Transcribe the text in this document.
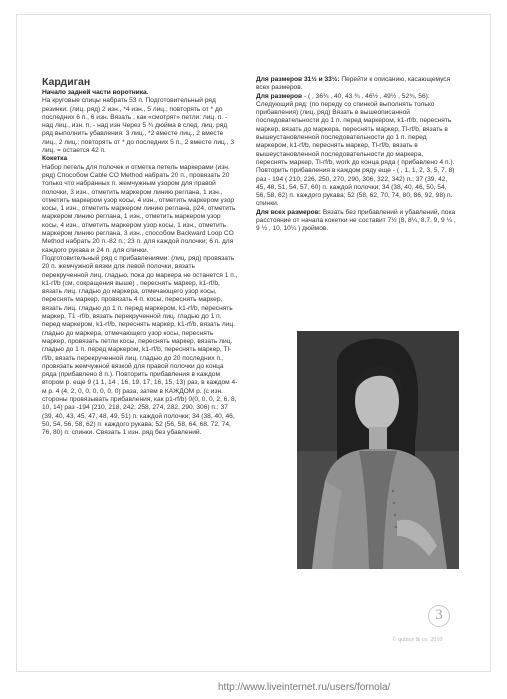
Кардиган

Начало задней части воротника.

На круговые спицы набрать 53 п. Подготовительный ряд резинки: (лиц. ряд) 2 изн., *4 изн., 5 лиц.; повторять от * до последних 6 п., 6 изн. Вязать , как «смотрят» петли: лиц. п. - над лиц., изн. п. - над изн Через 5 ¾ дюйма в след. лиц. ряд ряд выполнить убавления: 3 лиц., *2 вместе лиц., 2 вместе лиц., 2 лиц.; повторять от * до последних 5 п., 2 вместе лиц., 3 лиц. = остается 42 п.

Кокетка

Набор петель для полочек и отметка петель маркерами (изн. ряд) Способом Cable CO Method набрать 20 п., провязать 20 только что набранных п. жемчужным узором для правой полочки, 3 изн., отметить маркером линию реглана, 1 изн., отметить маркером узор косы, 4 изн., отметить маркером узор косы, 1 изн., отметить маркером линию реглана, р24, отметить маркером линию реглана, 1 изн., отметить маркером узор косы, 4 изн., отметить маркером узор косы, 1 изн., отметить маркером линию реглана, 3 изн., способом Backward Loop CO Method набрать 20 п.-82 п.; 23 п. для каждой полочки; 6 п. для каждого рукава и 24 п. для спинки.

Подготовительный ряд с прибавлениями: (лиц. ряд) провязать 20 п. жемчужной вязки для левой полочки, вязать перекрученной лиц. гладью, пока до маркера не останется 1 п., k1-rf/b (см. сокращения выше) , переснять маркер, k1-rf/b, вязать лиц. гладью до маркера, отмечающего узор косы, переснять маркер, провязать 4 п. косы, переснять маркер, вязать лиц. гладью до 1 п. перед маркером, k1-rf/b, переснять маркер, T1 -rf/b, вязать перекрученной лиц. гладью до 1 п. перед маркером, k1-rf/b, переснять маркер, k1-rf/b, вязать лиц. гладью до маркера, отмечающего узор косы, переснять маркер, провязать петли косы, переснять маркер, вязать лиц. гладью до 1 п. перед маркером, k1-rf/b, переснять маркер, Tl-rf/b, вязать перекрученной лиц. гладью до 20 последних п., провязать жемчужной вязкой для правой полочки до конца ряда (прибавлено 8 п.). Повторить прибавления в каждом втором р. еще 9 (1 1, 14 , 16, 19, 17, 16, 15, 13) раз, в каждом 4-м р. 4 (4, 2, 0, 0, 0, 0, 0, 0) раза, затем в КАЖДОМ р. (с изн. стороны провязывать прибавления, как p1-rf/b) 0(0, 0, 0, 2, 6, 8, 10, 14) раз -194 (210, 218, 242, 258, 274, 282, 290, 306) п.; 37 (39, 40, 43, 45, 47, 48, 49, 51) п. каждой полочки; 34 (38, 40, 46, 50, 54, 56, 58, 62) п. каждого рукава; 52 (56, 58, 64, 68, 72, 74, 76, 80) п. спинки. Связать 1 изн. ряд без убавлений.

Для размеров 31½ и 33½: Перейти к описанию, касающемуся всех размеров.

Для размеров - ( , 36¾ , 40, 43 ¾ , 46½ , 49½ , 52¾, 56): Следующий ряд: (по переду со спинкой выполнять только прибавления) (лиц. ряд) Вязать в вышеописанной последовательности до 1 п. перед маркером, k1-rf/b, переснять маркер, вязать до маркера, переснять маркер, Tl-rf/b, вязать в вышеустановленной последовательности до 1 п. перед маркером, k1-rf/b, переснять маркер, Tl-rf/b, вязать в вышеустановленной последовательности до маркера, переснять маркер, Tl-rf/b, work до конца ряда ( прибавлено 4 п.). Повторить прибавления в каждом ряду еще - ( , 1, 1, 2, 3, 5, 7, 8) раз - 194 ( 210, 226, 250, 270, 290, 306, 322, 342) п.; 37 (39, 42, 45, 48, 51, 54, 57, 60) п. каждой полочки; 34 (38, 40, 46, 50, 54, 56, 58, 62) п. каждого рукава; 52 (58, 62, 70, 74, 80, 86, 92, 98) п. спинки.

Для всех размеров: Вязать без прибавлений и убавлений, пока расстояние от начала кокетки не составит 7½ (8, 8¼, 8,7, 9, 9 ¼ , 9 ½ , 10, 10¼ ) дюймов.

3
© quince & co. 2010
http://www.liveinternet.ru/users/fornola/
